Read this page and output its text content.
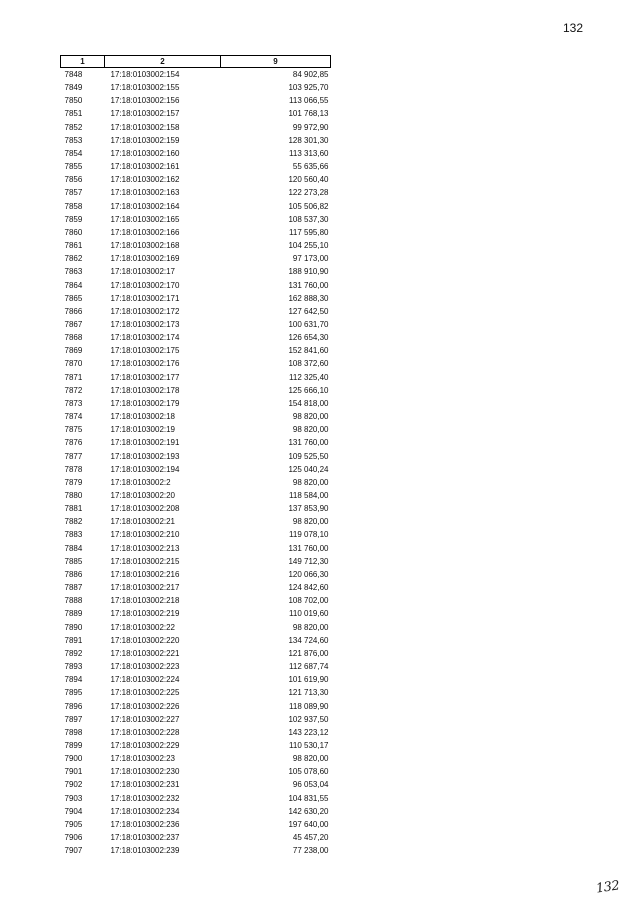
132
1	2	9
7848	17:18:0103002:154	84 902,85
7849	17:18:0103002:155	103 925,70
7850	17:18:0103002:156	113 066,55
7851	17:18:0103002:157	101 768,13
7852	17:18:0103002:158	99 972,90
7853	17:18:0103002:159	128 301,30
7854	17:18:0103002:160	113 313,60
7855	17:18:0103002:161	55 635,66
7856	17:18:0103002:162	120 560,40
7857	17:18:0103002:163	122 273,28
7858	17:18:0103002:164	105 506,82
7859	17:18:0103002:165	108 537,30
7860	17:18:0103002:166	117 595,80
7861	17:18:0103002:168	104 255,10
7862	17:18:0103002:169	97 173,00
7863	17:18:0103002:17	188 910,90
7864	17:18:0103002:170	131 760,00
7865	17:18:0103002:171	162 888,30
7866	17:18:0103002:172	127 642,50
7867	17:18:0103002:173	100 631,70
7868	17:18:0103002:174	126 654,30
7869	17:18:0103002:175	152 841,60
7870	17:18:0103002:176	108 372,60
7871	17:18:0103002:177	112 325,40
7872	17:18:0103002:178	125 666,10
7873	17:18:0103002:179	154 818,00
7874	17:18:0103002:18	98 820,00
7875	17:18:0103002:19	98 820,00
7876	17:18:0103002:191	131 760,00
7877	17:18:0103002:193	109 525,50
7878	17:18:0103002:194	125 040,24
7879	17:18:0103002:2	98 820,00
7880	17:18:0103002:20	118 584,00
7881	17:18:0103002:208	137 853,90
7882	17:18:0103002:21	98 820,00
7883	17:18:0103002:210	119 078,10
7884	17:18:0103002:213	131 760,00
7885	17:18:0103002:215	149 712,30
7886	17:18:0103002:216	120 066,30
7887	17:18:0103002:217	124 842,60
7888	17:18:0103002:218	108 702,00
7889	17:18:0103002:219	110 019,60
7890	17:18:0103002:22	98 820,00
7891	17:18:0103002:220	134 724,60
7892	17:18:0103002:221	121 876,00
7893	17:18:0103002:223	112 687,74
7894	17:18:0103002:224	101 619,90
7895	17:18:0103002:225	121 713,30
7896	17:18:0103002:226	118 089,90
7897	17:18:0103002:227	102 937,50
7898	17:18:0103002:228	143 223,12
7899	17:18:0103002:229	110 530,17
7900	17:18:0103002:23	98 820,00
7901	17:18:0103002:230	105 078,60
7902	17:18:0103002:231	96 053,04
7903	17:18:0103002:232	104 831,55
7904	17:18:0103002:234	142 630,20
7905	17:18:0103002:236	197 640,00
7906	17:18:0103002:237	45 457,20
7907	17:18:0103002:239	77 238,00
132
